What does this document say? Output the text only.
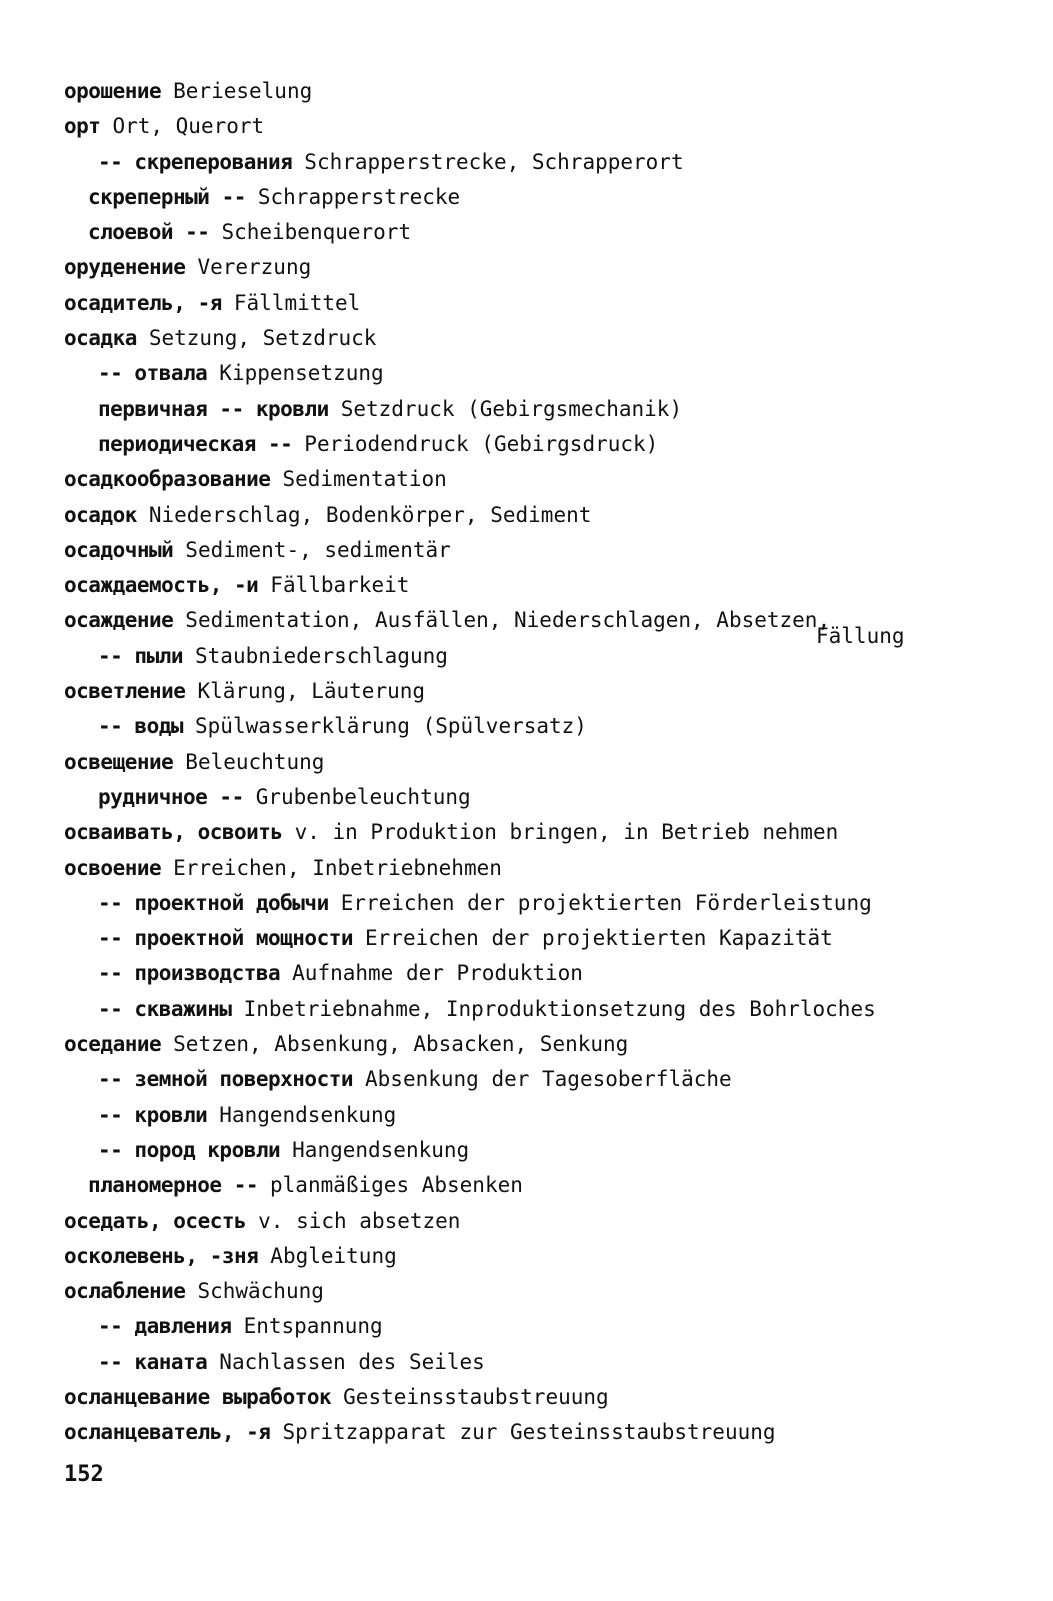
орошение Berieselung
орт Ort, Querort
-- скреперования Schrapperstrecke, Schrapperort
скреперный -- Schrapperstrecke
слоевой -- Scheibenquerort
оруденение Vererzung
осадитель, -я Fällmittel
осадка Setzung, Setzdruck
-- отвала Kippensetzung
первичная -- кровли Setzdruck (Gebirgsmechanik)
периодическая -- Periodendruck (Gebirgsdruck)
осадкообразование Sedimentation
осадок Niederschlag, Bodenkörper, Sediment
осадочный Sediment-, sedimentär
осаждаемость, -и Fällbarkeit
осаждение Sedimentation, Ausfällen, Niederschlagen, Absetzen,
Fällung
-- пыли Staubniederschlagung
осветление Klärung, Läuterung
-- воды Spülwasserklärung (Spülversatz)
освещение Beleuchtung
рудничное -- Grubenbeleuchtung
осваивать, освоить v. in Produktion bringen, in Betrieb nehmen
освоение Erreichen, Inbetriebnehmen
-- проектной добычи Erreichen der projektierten Förderleistung
-- проектной мощности Erreichen der projektierten Kapazität
-- производства Aufnahme der Produktion
-- скважины Inbetriebnahme, Inproduktionsetzung des Bohrloches
оседание Setzen, Absenkung, Absacken, Senkung
-- земной поверхности Absenkung der Tagesoberfläche
-- кровли Hangendsenkung
-- пород кровли Hangendsenkung
планомерное -- planmäßiges Absenken
оседать, осесть v. sich absetzen
осколевень, -зня Abgleitung
ослабление Schwächung
-- давления Entspannung
-- каната Nachlassen des Seiles
осланцевание выработок Gesteinsstaubstreuung
осланцеватель, -я Spritzapparat zur Gesteinsstaubstreuung
152
